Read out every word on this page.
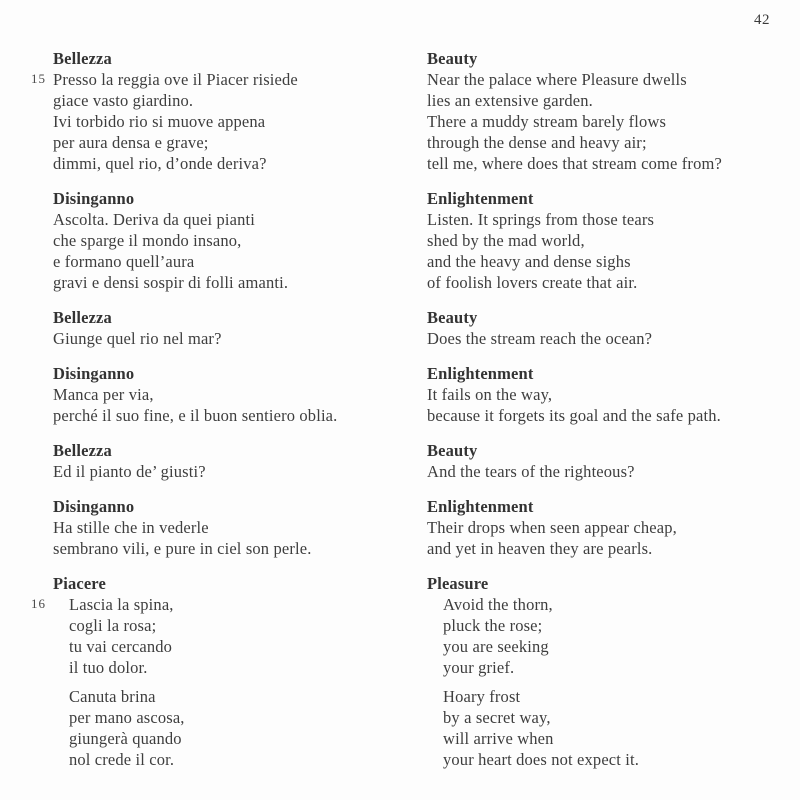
42
15
Bellezza
Presso la reggia ove il Piacer risiede
giace vasto giardino.
Ivi torbido rio si muove appena
per aura densa e grave;
dimmi, quel rio, d’onde deriva?
Beauty
Near the palace where Pleasure dwells
lies an extensive garden.
There a muddy stream barely flows
through the dense and heavy air;
tell me, where does that stream come from?
Disinganno
Ascolta. Deriva da quei pianti
che sparge il mondo insano,
e formano quell’aura
gravi e densi sospir di folli amanti.
Enlightenment
Listen. It springs from those tears
shed by the mad world,
and the heavy and dense sighs
of foolish lovers create that air.
Bellezza
Giunge quel rio nel mar?
Beauty
Does the stream reach the ocean?
Disinganno
Manca per via,
perché il suo fine, e il buon sentiero oblia.
Enlightenment
It fails on the way,
because it forgets its goal and the safe path.
Bellezza
Ed il pianto de’ giusti?
Beauty
And the tears of the righteous?
Disinganno
Ha stille che in vederle
sembrano vili, e pure in ciel son perle.
Enlightenment
Their drops when seen appear cheap,
and yet in heaven they are pearls.
16
Piacere
Lascia la spina,
cogli la rosa;
tu vai cercando
il tuo dolor.
Canuta brina
per mano ascosa,
giungerà quando
nol crede il cor.
Pleasure
Avoid the thorn,
pluck the rose;
you are seeking
your grief.
Hoary frost
by a secret way,
will arrive when
your heart does not expect it.
